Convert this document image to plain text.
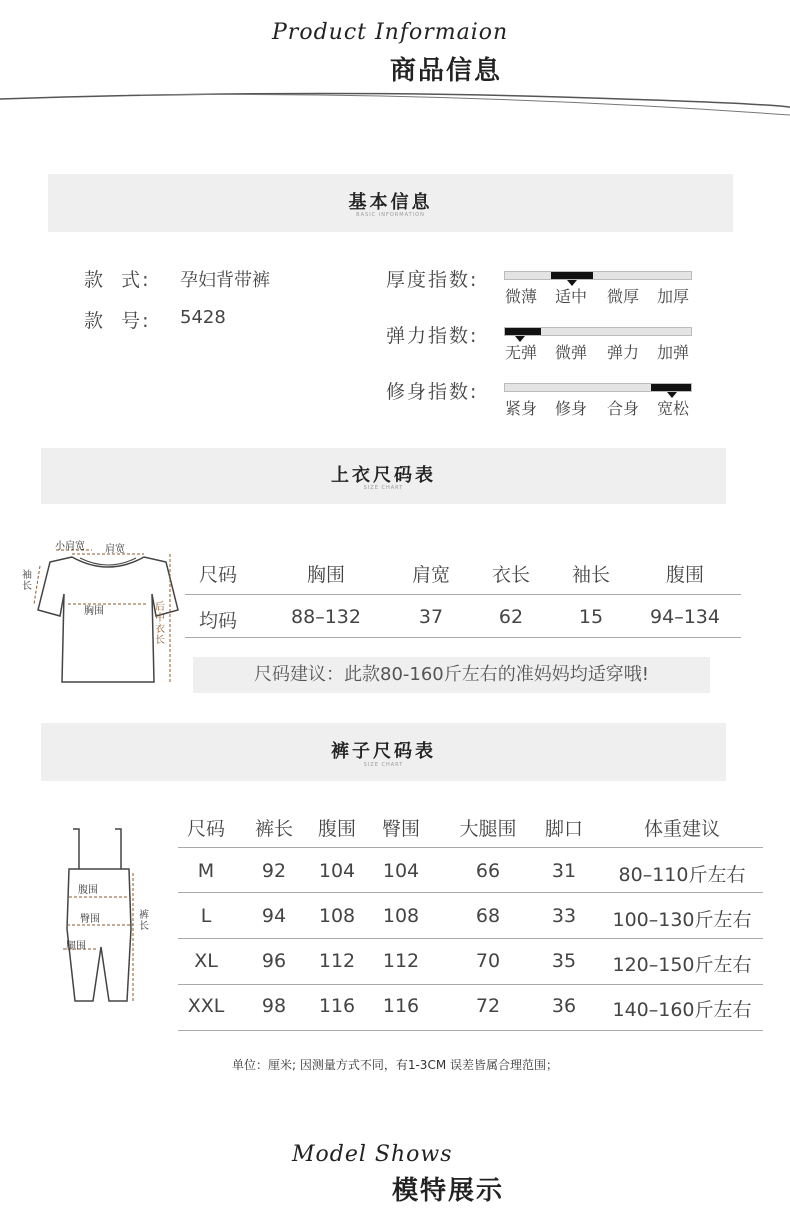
Product Informaion
商品信息
基本信息
BASIC INFORMATION
款  式: 孕妇背带裤
款  号: 5428
厚度指数:
微薄 适中 微厚 加厚
弹力指数:
无弹 微弹 弹力 加弹
修身指数:
紧身 修身 合身 宽松
上衣尺码表
SIZE CHART
小肩宽 肩宽
袖长
胸围	后中衣长
尺码	胸围	肩宽	衣长	袖长	腹围
均码	88–132	37	62	15	94–134
尺码建议：此款80-160斤左右的准妈妈均适穿哦!
裤子尺码表
SIZE CHART
腹围
臀围
腿围
裤长
尺码	裤长	腹围	臀围	大腿围	脚口	体重建议
M	92	104	104	66	31	80–110斤左右
L	94	108	108	68	33	100–130斤左右
XL	96	112	112	70	35	120–150斤左右
XXL	98	116	116	72	36	140–160斤左右
单位：厘米; 因测量方式不同，有1-3CM 误差皆属合理范围；
Model Shows
模特展示
